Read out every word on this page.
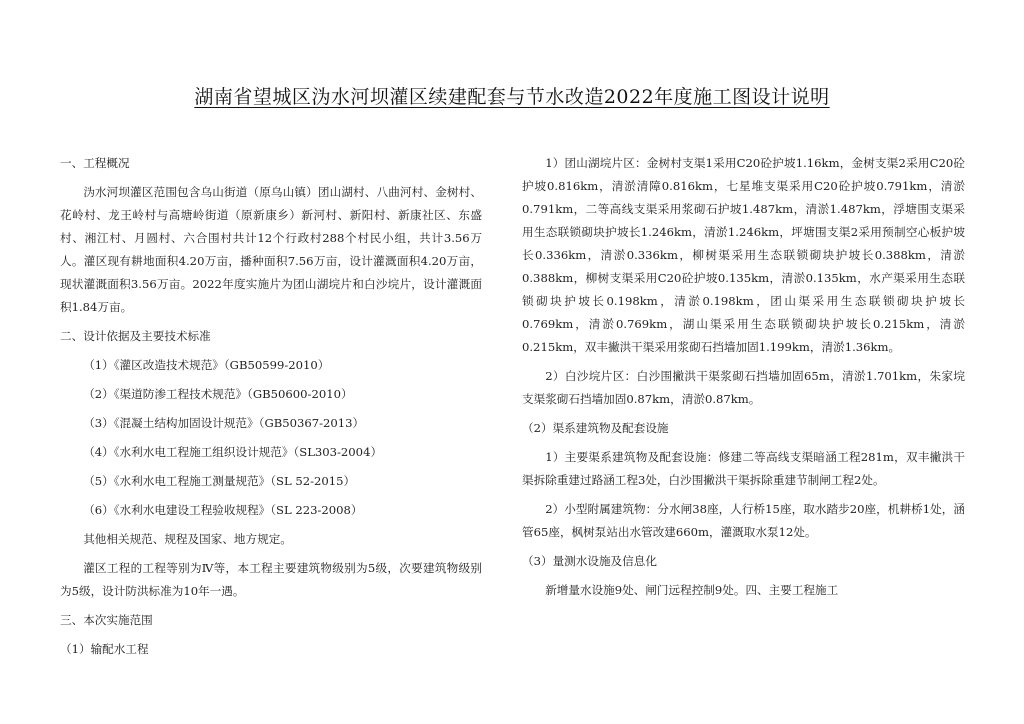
湖南省望城区沩水河坝灌区续建配套与节水改造2022年度施工图设计说明

一、工程概况

沩水河坝灌区范围包含乌山街道（原乌山镇）团山湖村、八曲河村、金树村、花岭村、龙王岭村与高塘岭街道（原新康乡）新河村、新阳村、新康社区、东盛村、湘江村、月圆村、六合围村共计12个行政村288个村民小组，共计3.56万人。灌区现有耕地面积4.20万亩，播种面积7.56万亩，设计灌溉面积4.20万亩，现状灌溉面积3.56万亩。2022年度实施片为团山湖垸片和白沙垸片，设计灌溉面积1.84万亩。

二、设计依据及主要技术标准

（1）《灌区改造技术规范》（GB50599-2010）

（2）《渠道防渗工程技术规范》（GB50600-2010）

（3）《混凝土结构加固设计规范》（GB50367-2013）

（4）《水利水电工程施工组织设计规范》（SL303-2004）

（5）《水利水电工程施工测量规范》（SL 52-2015）

（6）《水利水电建设工程验收规程》（SL 223-2008）

其他相关规范、规程及国家、地方规定。

灌区工程的工程等别为Ⅳ等，本工程主要建筑物级别为5级，次要建筑物级别为5级，设计防洪标准为10年一遇。

三、本次实施范围

（1）输配水工程

1）团山湖垸片区：金树村支渠1采用C20砼护坡1.16km，金树支渠2采用C20砼护坡0.816km，清淤清障0.816km，七星堆支渠采用C20砼护坡0.791km，清淤0.791km，二等高线支渠采用浆砌石护坡1.487km，清淤1.487km，浮塘围支渠采用生态联锁砌块护坡长1.246km，清淤1.246km，坪塘围支渠2采用预制空心板护坡长0.336km，清淤0.336km，柳树渠采用生态联锁砌块护坡长0.388km，清淤0.388km，柳树支渠采用C20砼护坡0.135km，清淤0.135km，水产渠采用生态联锁砌块护坡长0.198km，清淤0.198km，团山渠采用生态联锁砌块护坡长0.769km，清淤0.769km，湖山渠采用生态联锁砌块护坡长0.215km，清淤0.215km，双丰撇洪干渠采用浆砌石挡墙加固1.199km，清淤1.36km。

2）白沙垸片区：白沙围撇洪干渠浆砌石挡墙加固65m，清淤1.701km，朱家垸支渠浆砌石挡墙加固0.87km，清淤0.87km。

（2）渠系建筑物及配套设施

1）主要渠系建筑物及配套设施：修建二等高线支渠暗涵工程281m，双丰撇洪干渠拆除重建过路涵工程3处，白沙围撇洪干渠拆除重建节制闸工程2处。

2）小型附属建筑物：分水闸38座，人行桥15座，取水踏步20座，机耕桥1处，涵管65座，枫树泵站出水管改建660m，灌溉取水泵12处。

（3）量测水设施及信息化

新增量水设施9处、闸门远程控制9处。四、主要工程施工
